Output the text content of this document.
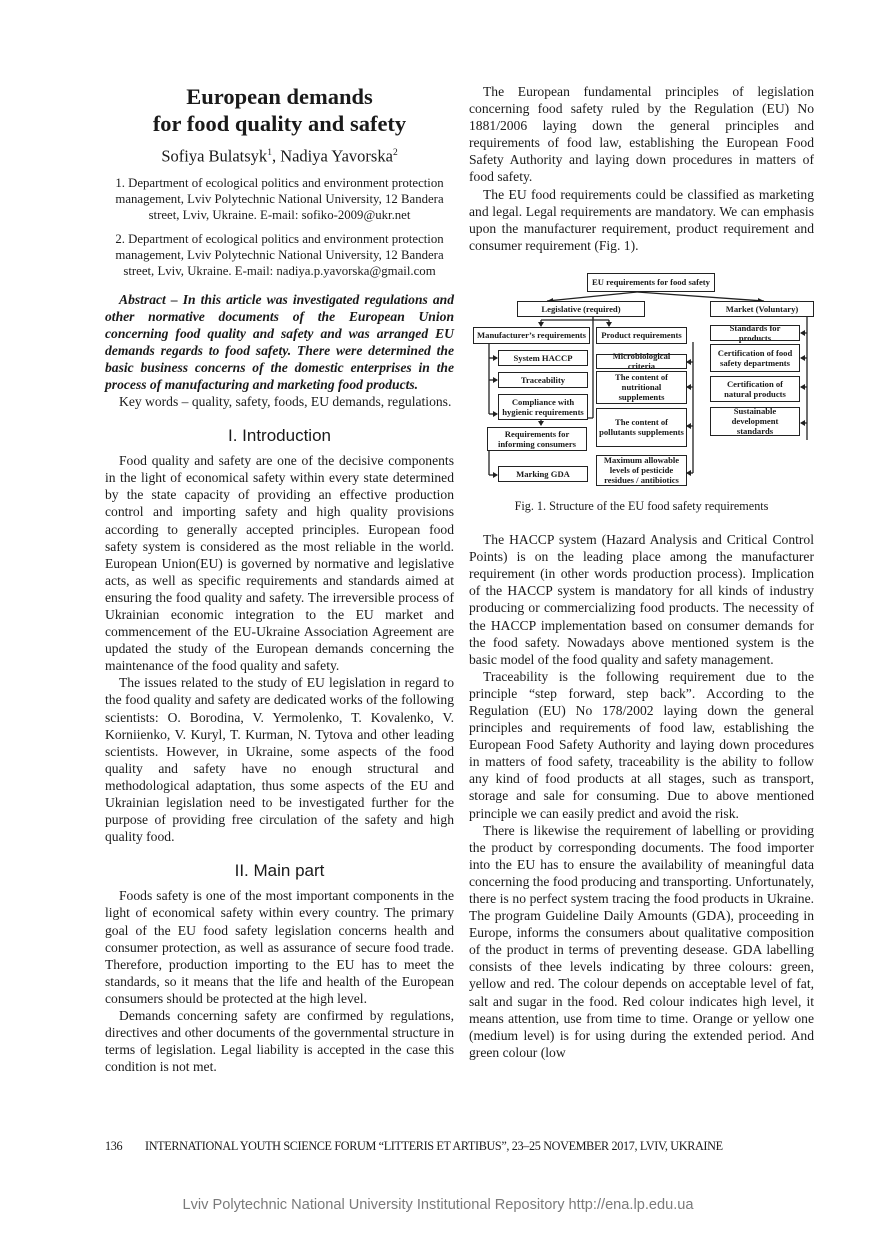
European demands
for food quality and safety
Sofiya Bulatsyk$^1$, Nadiya Yavorska$^2$
1. Department of ecological politics and environment protection management, Lviv Polytechnic National University, 12 Bandera street, Lviv, Ukraine. E-mail: sofiko-2009@ukr.net
2. Department of ecological politics and environment protection management, Lviv Polytechnic National University, 12 Bandera street, Lviv, Ukraine. E-mail: nadiya.p.yavorska@gmail.com

Abstract – In this article was investigated regulations and other normative documents of the European Union concerning food quality and safety and was arranged EU demands regards to food safety. There were determined the basic business concerns of the domestic enterprises in the process of manufacturing and marketing food products.

Key words – quality, safety, foods, EU demands, regulations.

I. Introduction

Food quality and safety are one of the decisive components in the light of economical safety within every state determined by the state capacity of providing an effective production control and importing safety and high quality provisions according to generally accepted principles. European food safety system is considered as the most reliable in the world. European Union(EU) is governed by normative and legislative acts, as well as specific requirements and standards aimed at ensuring the food quality and safety. The irreversible process of Ukrainian economic integration to the EU market and commencement of the EU-Ukraine Association Agreement are updated the study of the European demands concerning the maintenance of the food quality and safety.

The issues related to the study of EU legislation in regard to the food quality and safety are dedicated works of the following scientists: O. Borodina, V. Yermolenko, T. Kovalenko, V. Korniienko, V. Kuryl, T. Kurman, N. Tytova and other leading scientists. However, in Ukraine, some aspects of the food quality and safety have no enough structural and methodological adaptation, thus some aspects of the EU and Ukrainian legislation need to be investigated further for the purpose of providing free circulation of the safety and high quality food.

II. Main part

Foods safety is one of the most important components in the light of economical safety within every country. The primary goal of the EU food safety legislation concerns health and consumer protection, as well as assurance of secure food trade. Therefore, production importing to the EU has to meet the standards, so it means that the life and health of the European consumers should be protected at the high level.

Demands concerning safety are confirmed by regulations, directives and other documents of the governmental structure in terms of legislation. Legal liability is accepted in the case this condition is not met.

The European fundamental principles of legislation concerning food safety ruled by the Regulation (EU) No 1881/2006 laying down the general principles and requirements of food law, establishing the European Food Safety Authority and laying down procedures in matters of food safety.

The EU food requirements could be classified as marketing and legal. Legal requirements are mandatory. We can emphasis upon the manufacturer requirement, product requirement and consumer requirement (Fig. 1).

EU requirements for food safety
Legislative (required)	Market (Voluntary)
Manufacturer’s requirements
System HACCP
Traceability
Compliance with hygienic requirements
Requirements for informing consumers
Marking GDA
Product requirements
Microbiological criteria
The content of nutritional supplements
The content of pollutants supplements
Maximum allowable levels of pesticide residues / antibiotics
Standards for products
Certification of food safety departments
Certification of natural products
Sustainable development standards
Fig. 1. Structure of the EU food safety requirements

The HACCP system (Hazard Analysis and Critical Control Points) is on the leading place among the manufacturer requirement (in other words production process). Implication of the HACCP system is mandatory for all kinds of industry producing or commercializing food products. The necessity of the HACCP implementation based on consumer demands for the food safety. Nowadays above mentioned system is the basic model of the food quality and safety management.

Traceability is the following requirement due to the principle “step forward, step back”. According to the Regulation (EU) No 178/2002 laying down the general principles and requirements of food law, establishing the European Food Safety Authority and laying down procedures in matters of food safety, traceability is the ability to follow any kind of food products at all stages, such as transport, storage and sale for consuming. Due to above mentioned principle we can easily predict and avoid the risk.

There is likewise the requirement of labelling or providing the product by corresponding documents. The food importer into the EU has to ensure the availability of meaningful data concerning the food producing and transporting. Unfortunately, there is no perfect system tracing the food products in Ukraine. The program Guideline Daily Amounts (GDA), proceeding in Europe, informs the consumers about qualitative composition of the product in terms of preventing desease. GDA labelling consists of thee levels indicating by three colours: green, yellow and red. The colour depends on acceptable level of fat, salt and sugar in the food. Red colour indicates high level, it means attention, use from time to time. Orange or yellow one (medium level) is for using during the extended period. And green colour (low

136 INTERNATIONAL YOUTH SCIENCE FORUM “LITTERIS ET ARTIBUS”, 23–25 NOVEMBER 2017, LVIV, UKRAINE
Lviv Polytechnic National University Institutional Repository http://ena.lp.edu.ua
